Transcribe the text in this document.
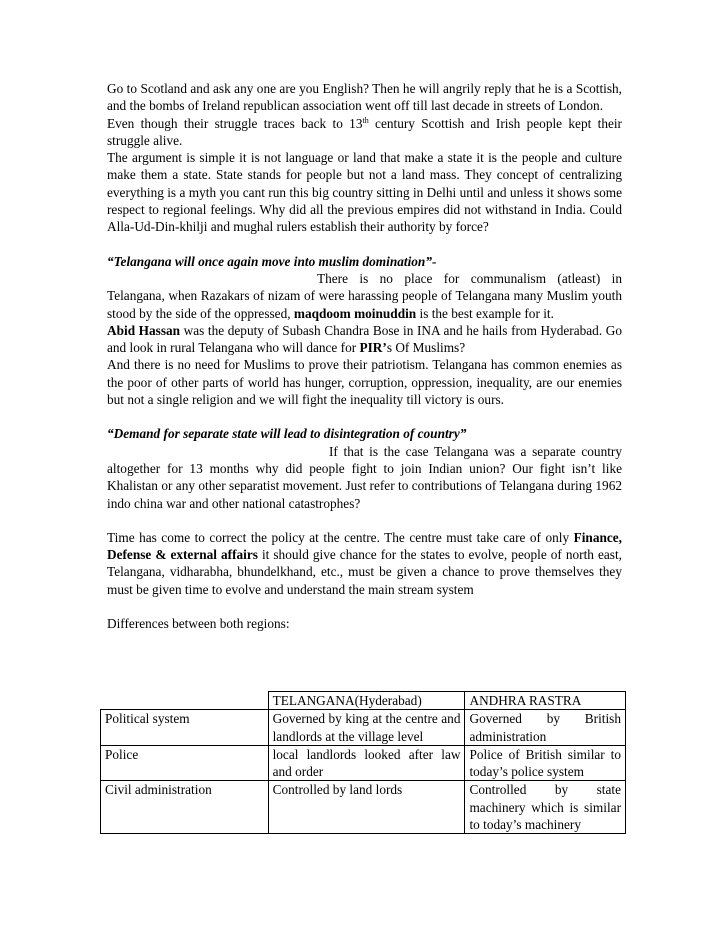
Go to Scotland and ask any one are you English? Then he will angrily reply that he is a Scottish, and the bombs of Ireland republican association went off till last decade in streets of London.

Even though their struggle traces back to 13th century Scottish and Irish people kept their struggle alive.

The argument is simple it is not language or land that make a state it is the people and culture make them a state. State stands for people but not a land mass. They concept of centralizing everything is a myth you cant run this big country sitting in Delhi until and unless it shows some respect to regional feelings. Why did all the previous empires did not withstand in India. Could Alla-Ud-Din-khilji and mughal rulers establish their authority by force?

“Telangana will once again move into muslim domination”-

There is no place for communalism (atleast) in Telangana, when Razakars of nizam of were harassing people of Telangana many Muslim youth stood by the side of the oppressed, maqdoom moinuddin is the best example for it.

Abid Hassan was the deputy of Subash Chandra Bose in INA and he hails from Hyderabad. Go and look in rural Telangana who will dance for PIR’s Of Muslims?

And there is no need for Muslims to prove their patriotism. Telangana has common enemies as the poor of other parts of world has hunger, corruption, oppression, inequality, are our enemies but not a single religion and we will fight the inequality till victory is ours.

“Demand for separate state will lead to disintegration of country”

If that is the case Telangana was a separate country altogether for 13 months why did people fight to join Indian union? Our fight isn’t like Khalistan or any other separatist movement. Just refer to contributions of Telangana during 1962 indo china war and other national catastrophes?

Time has come to correct the policy at the centre. The centre must take care of only Finance, Defense & external affairs it should give chance for the states to evolve, people of north east, Telangana, vidharabha, bhundelkhand, etc., must be given a chance to prove themselves they must be given time to evolve and understand the main stream system

Differences between both regions:

	TELANGANA(Hyderabad)	ANDHRA RASTRA
Political system	Governed by king at the centre and landlords at the village level	Governed by British administration
Police	local landlords looked after law and order	Police of British similar to today’s police system
Civil administration	Controlled by land lords	Controlled by state machinery which is similar to today’s machinery
